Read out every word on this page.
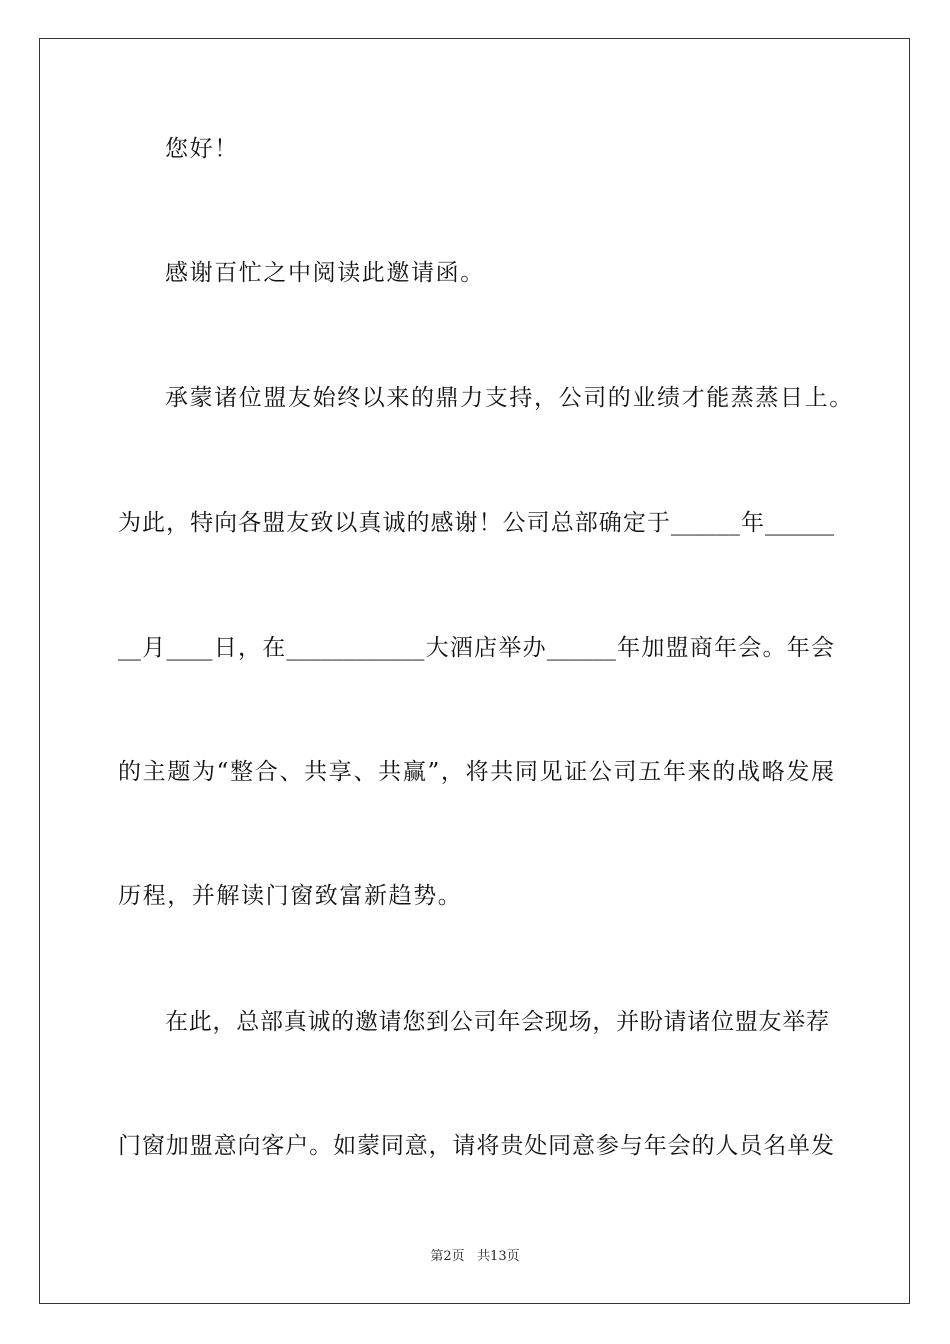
您好！
感谢百忙之中阅读此邀请函。
承蒙诸位盟友始终以来的鼎力支持，公司的业绩才能蒸蒸日上。
为此，特向各盟友致以真诚的感谢！公司总部确定于______年______
__月____日，在____________大酒店举办______年加盟商年会。年会
的主题为“整合、共享、共赢”，将共同见证公司五年来的战略发展
历程，并解读门窗致富新趋势。
在此，总部真诚的邀请您到公司年会现场，并盼请诸位盟友举荐
门窗加盟意向客户。如蒙同意，请将贵处同意参与年会的人员名单发
第2页   共13页
